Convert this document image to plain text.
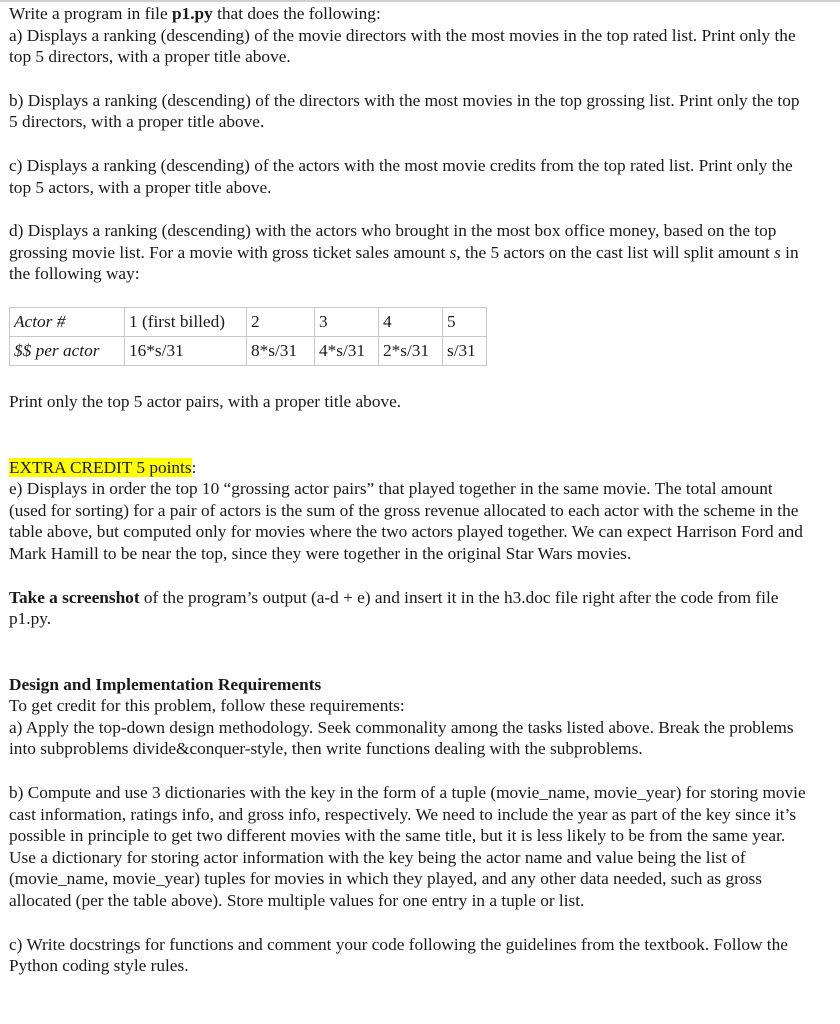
Write a program in file p1.py that does the following:

a) Displays a ranking (descending) of the movie directors with the most movies in the top rated list. Print only the top 5 directors, with a proper title above.

b) Displays a ranking (descending) of the directors with the most movies in the top grossing list. Print only the top 5 directors, with a proper title above.

c) Displays a ranking (descending) of the actors with the most movie credits from the top rated list. Print only the top 5 actors, with a proper title above.

d) Displays a ranking (descending) with the actors who brought in the most box office money, based on the top grossing movie list. For a movie with gross ticket sales amount s, the 5 actors on the cast list will split amount s in the following way:

Actor #	1 (first billed)	2	3	4	5
$$ per actor	16*s/31	8*s/31	4*s/31	2*s/31	s/31

Print only the top 5 actor pairs, with a proper title above.

EXTRA CREDIT 5 points:

e) Displays in order the top 10 “grossing actor pairs” that played together in the same movie. The total amount (used for sorting) for a pair of actors is the sum of the gross revenue allocated to each actor with the scheme in the table above, but computed only for movies where the two actors played together. We can expect Harrison Ford and Mark Hamill to be near the top, since they were together in the original Star Wars movies.

Take a screenshot of the program’s output (a-d + e) and insert it in the h3.doc file right after the code from file p1.py.

Design and Implementation Requirements

To get credit for this problem, follow these requirements:

a) Apply the top-down design methodology. Seek commonality among the tasks listed above. Break the problems into subproblems divide&conquer-style, then write functions dealing with the subproblems.

b) Compute and use 3 dictionaries with the key in the form of a tuple (movie_name, movie_year) for storing movie cast information, ratings info, and gross info, respectively. We need to include the year as part of the key since it’s possible in principle to get two different movies with the same title, but it is less likely to be from the same year. Use a dictionary for storing actor information with the key being the actor name and value being the list of (movie_name, movie_year) tuples for movies in which they played, and any other data needed, such as gross allocated (per the table above). Store multiple values for one entry in a tuple or list.

c) Write docstrings for functions and comment your code following the guidelines from the textbook. Follow the Python coding style rules.
